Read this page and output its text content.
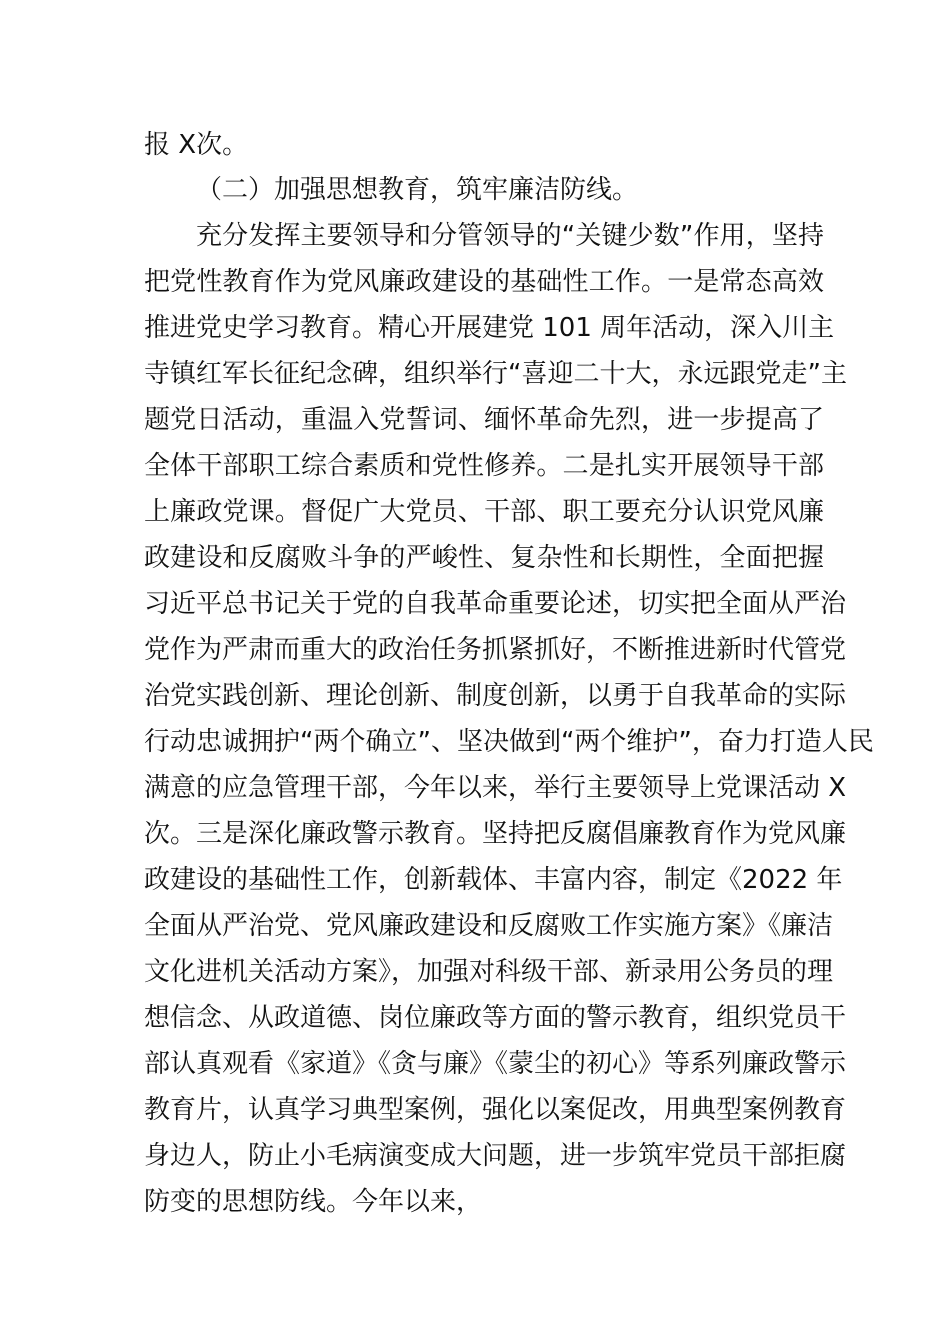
报 X次。
（二）加强思想教育，筑牢廉洁防线。
充分发挥主要领导和分管领导的“关键少数”作用，坚持
把党性教育作为党风廉政建设的基础性工作。一是常态高效
推进党史学习教育。精心开展建党 101 周年活动，深入川主
寺镇红军长征纪念碑，组织举行“喜迎二十大，永远跟党走”主
题党日活动，重温入党誓词、缅怀革命先烈，进一步提高了
全体干部职工综合素质和党性修养。二是扎实开展领导干部
上廉政党课。督促广大党员、干部、职工要充分认识党风廉
政建设和反腐败斗争的严峻性、复杂性和长期性，全面把握
习近平总书记关于党的自我革命重要论述，切实把全面从严治
党作为严肃而重大的政治任务抓紧抓好，不断推进新时代管党
治党实践创新、理论创新、制度创新，以勇于自我革命的实际
行动忠诚拥护“两个确立”、坚决做到“两个维护”，奋力打造人民
满意的应急管理干部，今年以来，举行主要领导上党课活动 X
次。三是深化廉政警示教育。坚持把反腐倡廉教育作为党风廉
政建设的基础性工作，创新载体、丰富内容，制定《2022 年
全面从严治党、党风廉政建设和反腐败工作实施方案》《廉洁
文化进机关活动方案》，加强对科级干部、新录用公务员的理
想信念、从政道德、岗位廉政等方面的警示教育，组织党员干
部认真观看《家道》《贪与廉》《蒙尘的初心》等系列廉政警示
教育片，认真学习典型案例，强化以案促改，用典型案例教育
身边人，防止小毛病演变成大问题，进一步筑牢党员干部拒腐
防变的思想防线。今年以来，
